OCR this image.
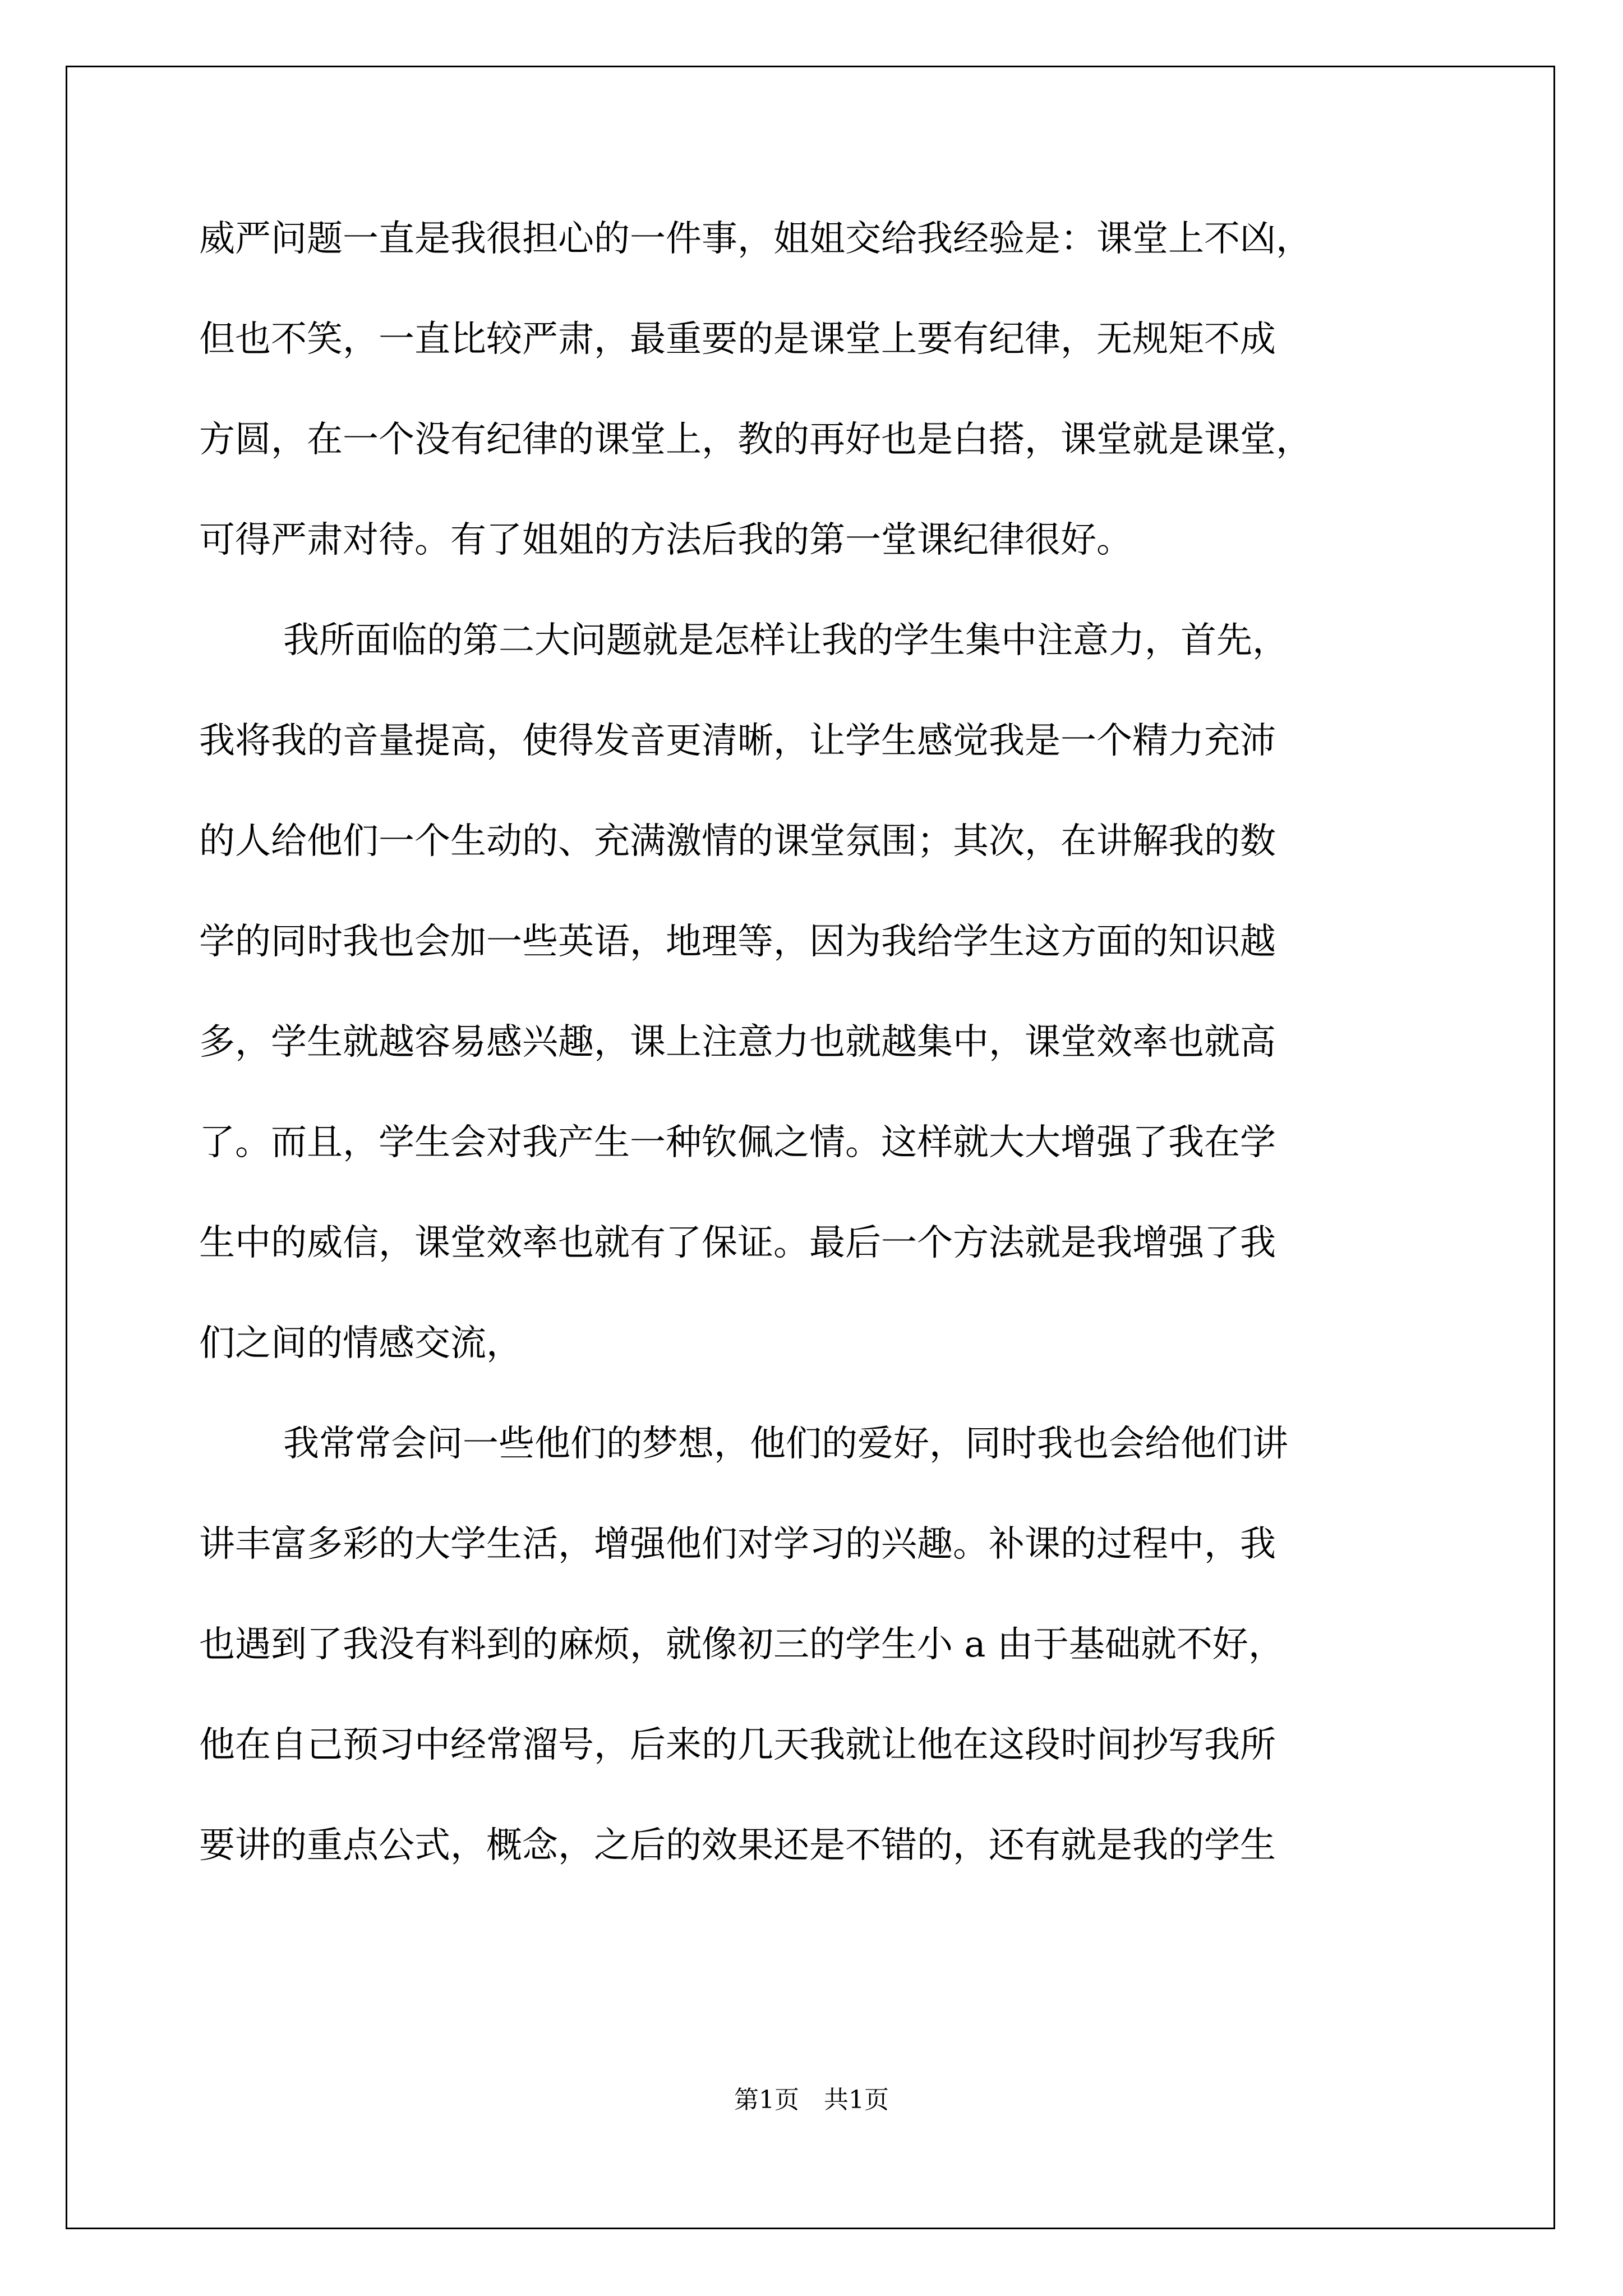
威严问题一直是我很担心的一件事，姐姐交给我经验是：课堂上不凶，
但也不笑，一直比较严肃，最重要的是课堂上要有纪律，无规矩不成
方圆，在一个没有纪律的课堂上，教的再好也是白搭，课堂就是课堂，
可得严肃对待。有了姐姐的方法后我的第一堂课纪律很好。
我所面临的第二大问题就是怎样让我的学生集中注意力，首先，
我将我的音量提高，使得发音更清晰，让学生感觉我是一个精力充沛
的人给他们一个生动的、充满激情的课堂氛围；其次，在讲解我的数
学的同时我也会加一些英语，地理等，因为我给学生这方面的知识越
多，学生就越容易感兴趣，课上注意力也就越集中，课堂效率也就高
了。而且，学生会对我产生一种钦佩之情。这样就大大增强了我在学
生中的威信，课堂效率也就有了保证。最后一个方法就是我增强了我
们之间的情感交流，
我常常会问一些他们的梦想，他们的爱好，同时我也会给他们讲
讲丰富多彩的大学生活，增强他们对学习的兴趣。补课的过程中，我
也遇到了我没有料到的麻烦，就像初三的学生小 a 由于基础就不好，
他在自己预习中经常溜号，后来的几天我就让他在这段时间抄写我所
要讲的重点公式，概念，之后的效果还是不错的，还有就是我的学生
第1页　共1页
